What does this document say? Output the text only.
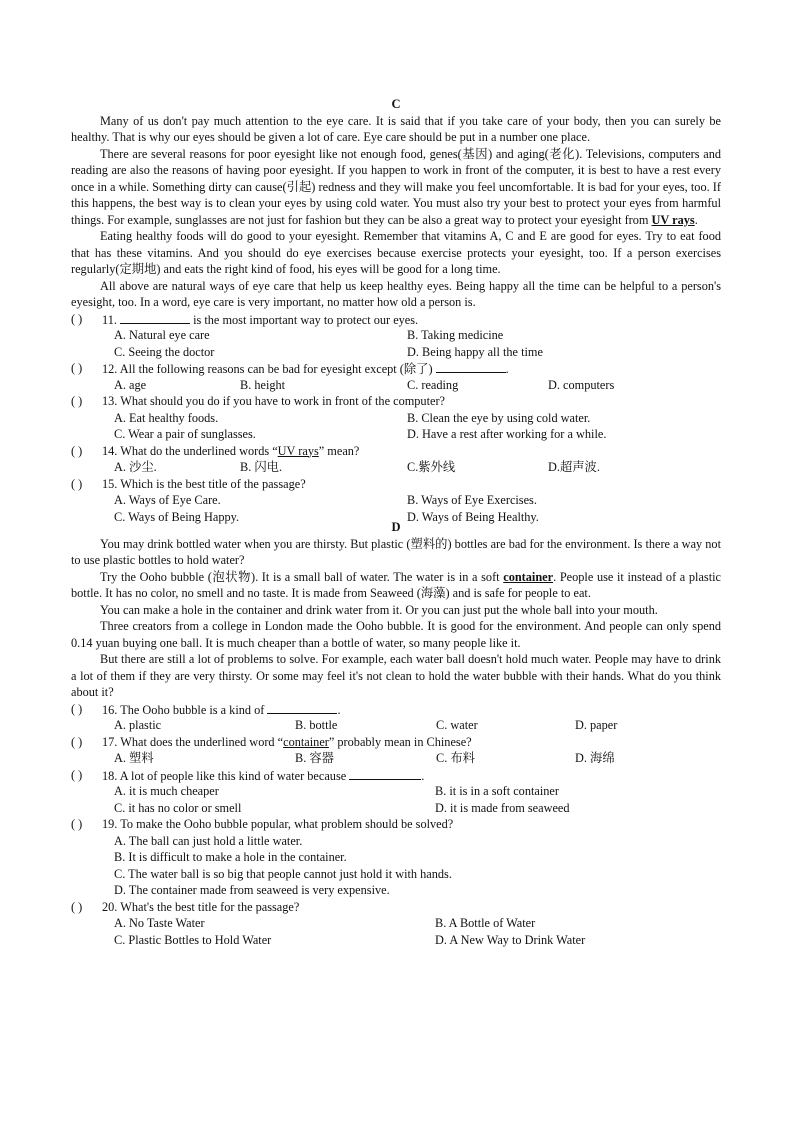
C

Many of us don't pay much attention to the eye care. It is said that if you take care of your body, then you can surely be healthy. That is why our eyes should be given a lot of care. Eye care should be put in a number one place.

There are several reasons for poor eyesight like not enough food, genes(基因) and aging(老化). Televisions, computers and reading are also the reasons of having poor eyesight. If you happen to work in front of the computer, it is best to have a rest every once in a while. Something dirty can cause(引起) redness and they will make you feel uncomfortable. It is bad for your eyes, too. If this happens, the best way is to clean your eyes by using cold water. You must also try your best to protect your eyes from harmful things. For example, sunglasses are not just for fashion but they can be also a great way to protect your eyesight from UV rays.

Eating healthy foods will do good to your eyesight. Remember that vitamins A, C and E are good for eyes. Try to eat food that has these vitamins. And you should do eye exercises because exercise protects your eyesight, too. If a person exercises regularly(定期地) and eats the right kind of food, his eyes will be good for a long time.

All above are natural ways of eye care that help us keep healthy eyes. Being happy all the time can be helpful to a person's eyesight, too. In a word, eye care is very important, no matter how old a person is.

( ) 11.	is the most important way to protect our eyes.
A. Natural eye care	B. Taking medicine
C. Seeing the doctor	D. Being happy all the time
( ) 12. All the following reasons can be bad for eyesight except (除了)	.
A. age	B. height	C. reading	D. computers
( ) 13. What should you do if you have to work in front of the computer?
A. Eat healthy foods.	B. Clean the eye by using cold water.
C. Wear a pair of sunglasses.	D. Have a rest after working for a while.
( ) 14. What do the underlined words “UV rays” mean?
A. 沙尘.	B. 闪电.	C.紫外线	D.超声波.
( ) 15. Which is the best title of the passage?
A. Ways of Eye Care.	B. Ways of Eye Exercises.
C. Ways of Being Happy.	D. Ways of Being Healthy.
D

You may drink bottled water when you are thirsty. But plastic (塑料的) bottles are bad for the environment. Is there a way not to use plastic bottles to hold water?

Try the Ooho bubble (泡状物). It is a small ball of water. The water is in a soft container. People use it instead of a plastic bottle. It has no color, no smell and no taste. It is made from Seaweed (海藻) and is safe for people to eat.

You can make a hole in the container and drink water from it. Or you can just put the whole ball into your mouth.

Three creators from a college in London made the Ooho bubble. It is good for the environment. And people can only spend 0.14 yuan buying one ball. It is much cheaper than a bottle of water, so many people like it.

But there are still a lot of problems to solve. For example, each water ball doesn't hold much water. People may have to drink a lot of them if they are very thirsty. Or some may feel it's not clean to hold the water bubble with their hands. What do you think about it?

( ) 16. The Ooho bubble is a kind of	.
A. plastic	B. bottle	C. water	D. paper
( ) 17. What does the underlined word “container” probably mean in Chinese?
A. 塑料	B. 容器	C. 布料	D. 海绵
( ) 18. A lot of people like this kind of water because	.
A. it is much cheaper	B. it is in a soft container
C. it has no color or smell	D. it is made from seaweed
( ) 19. To make the Ooho bubble popular, what problem should be solved?
A. The ball can just hold a little water.
B. It is difficult to make a hole in the container.
C. The water ball is so big that people cannot just hold it with hands.
D. The container made from seaweed is very expensive.
( ) 20. What's the best title for the passage?
A. No Taste Water	B. A Bottle of Water
C. Plastic Bottles to Hold Water	D. A New Way to Drink Water
